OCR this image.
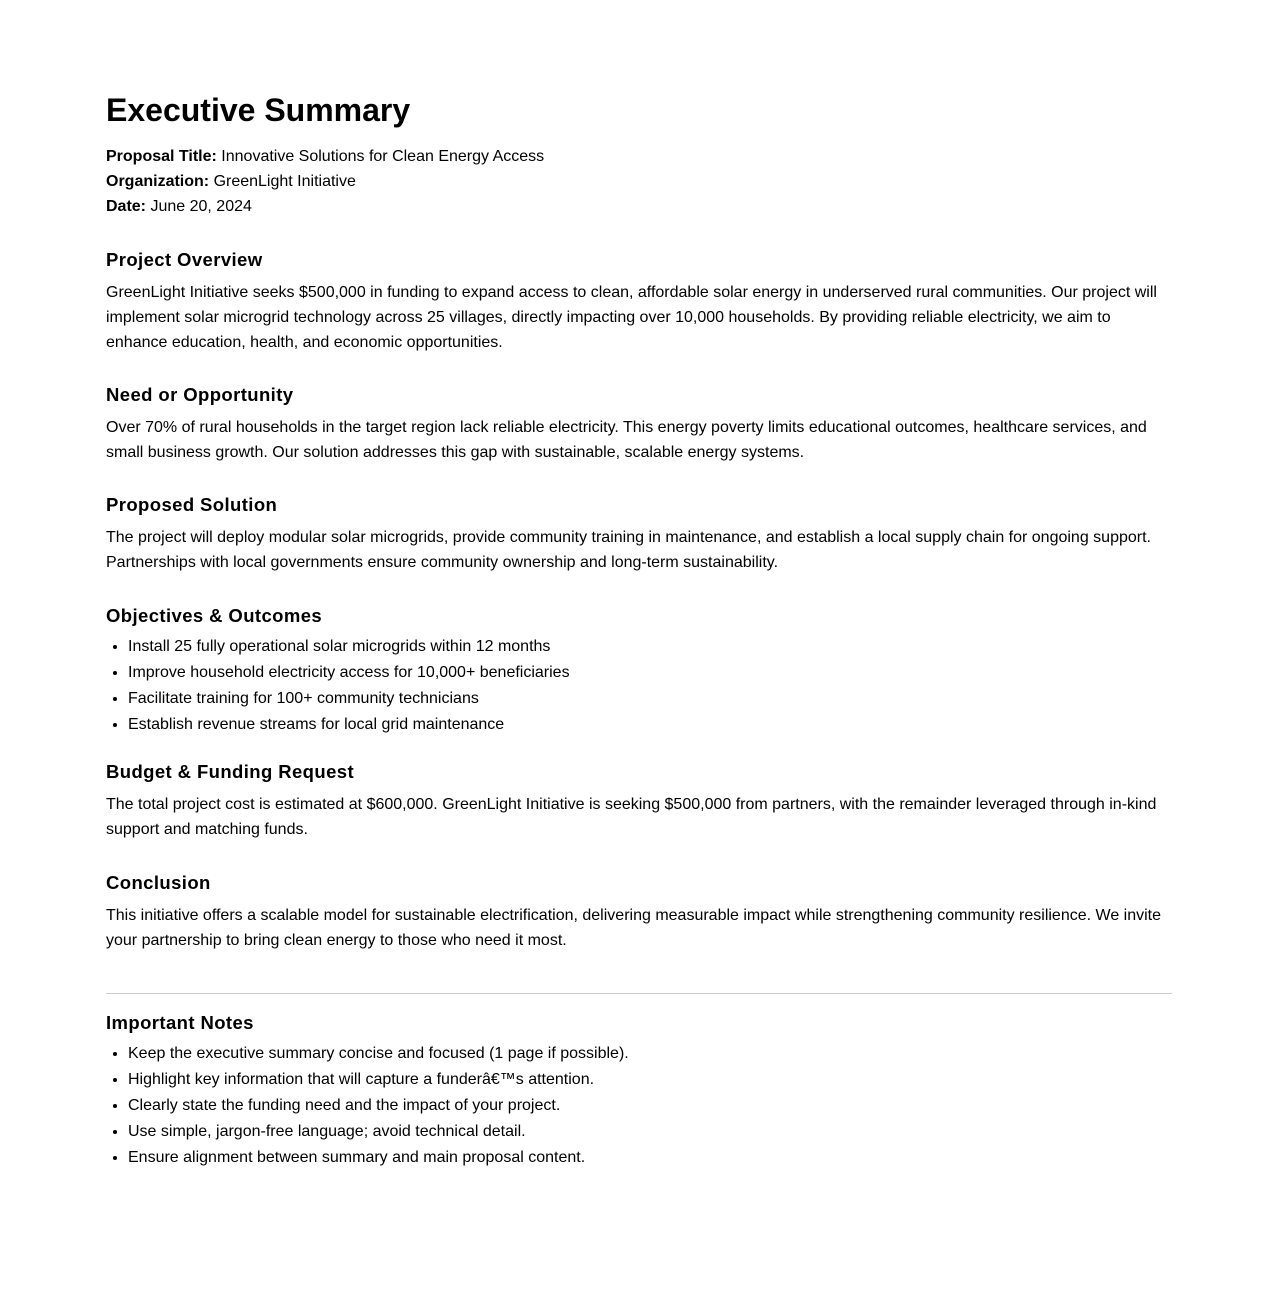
Executive Summary

Proposal Title: Innovative Solutions for Clean Energy Access

Organization: GreenLight Initiative

Date: June 20, 2024

Project Overview

GreenLight Initiative seeks $500,000 in funding to expand access to clean, affordable solar energy in underserved rural communities. Our project will implement solar microgrid technology across 25 villages, directly impacting over 10,000 households. By providing reliable electricity, we aim to enhance education, health, and economic opportunities.

Need or Opportunity

Over 70% of rural households in the target region lack reliable electricity. This energy poverty limits educational outcomes, healthcare services, and small business growth. Our solution addresses this gap with sustainable, scalable energy systems.

Proposed Solution

The project will deploy modular solar microgrids, provide community training in maintenance, and establish a local supply chain for ongoing support. Partnerships with local governments ensure community ownership and long-term sustainability.

Objectives & Outcomes
• Install 25 fully operational solar microgrids within 12 months
• Improve household electricity access for 10,000+ beneficiaries
• Facilitate training for 100+ community technicians
• Establish revenue streams for local grid maintenance
Budget & Funding Request

The total project cost is estimated at $600,000. GreenLight Initiative is seeking $500,000 from partners, with the remainder leveraged through in-kind support and matching funds.

Conclusion

This initiative offers a scalable model for sustainable electrification, delivering measurable impact while strengthening community resilience. We invite your partnership to bring clean energy to those who need it most.

Important Notes
• Keep the executive summary concise and focused (1 page if possible).
• Highlight key information that will capture a funderâ€™s attention.
• Clearly state the funding need and the impact of your project.
• Use simple, jargon-free language; avoid technical detail.
• Ensure alignment between summary and main proposal content.
